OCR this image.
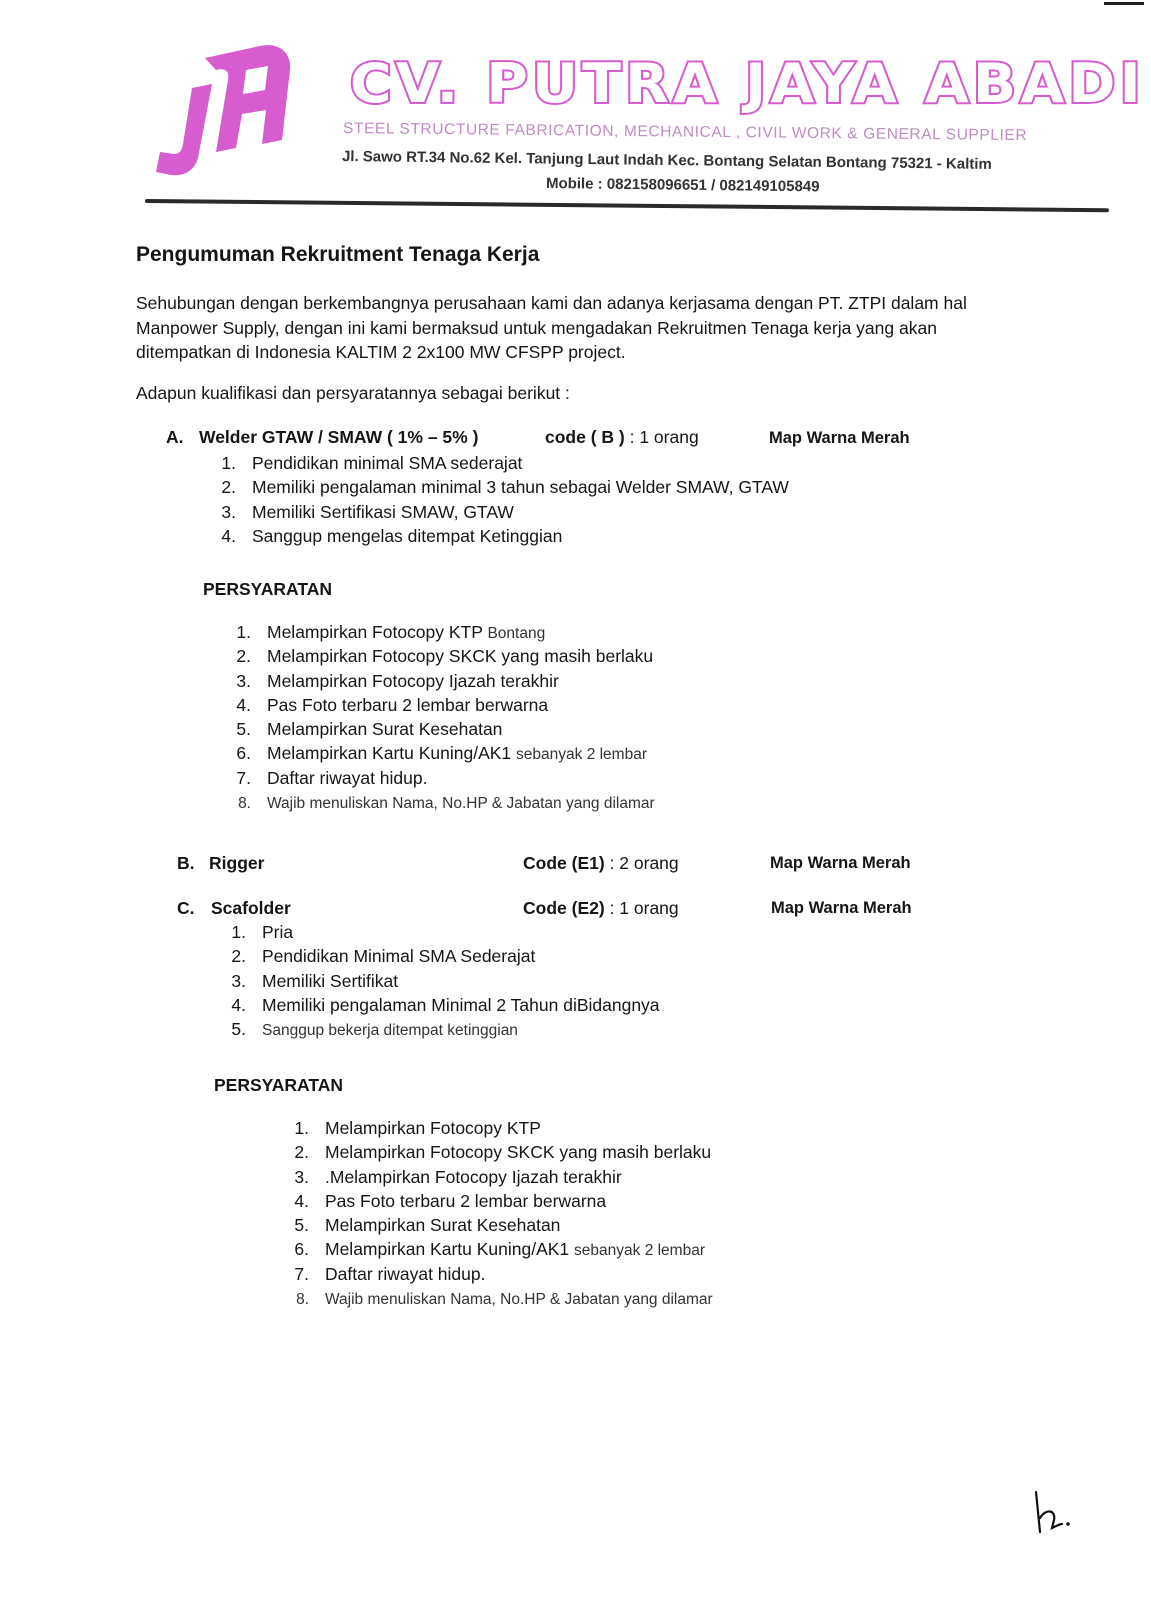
CV. PUTRA JAYA ABADI
STEEL STRUCTURE FABRICATION, MECHANICAL , CIVIL WORK & GENERAL SUPPLIER
Jl. Sawo RT.34 No.62 Kel. Tanjung Laut Indah Kec. Bontang Selatan Bontang 75321 - Kaltim
Mobile : 082158096651 / 082149105849
Pengumuman Rekruitment Tenaga Kerja
Sehubungan dengan berkembangnya perusahaan kami dan adanya kerjasama dengan PT. ZTPI dalam hal
Manpower Supply, dengan ini kami bermaksud untuk mengadakan Rekruitmen Tenaga kerja yang akan
ditempatkan di Indonesia KALTIM 2 2x100 MW CFSPP project.
Adapun kualifikasi dan persyaratannya sebagai berikut :
A. Welder GTAW / SMAW ( 1% – 5% )	code ( B ) : 1 orang	Map Warna Merah
1. Pendidikan minimal SMA sederajat
2. Memiliki pengalaman minimal 3 tahun sebagai Welder SMAW, GTAW
3. Memiliki Sertifikasi SMAW, GTAW
4. Sanggup mengelas ditempat Ketinggian
PERSYARATAN
1. Melampirkan Fotocopy KTP Bontang
2. Melampirkan Fotocopy SKCK yang masih berlaku
3. Melampirkan Fotocopy Ijazah terakhir
4. Pas Foto terbaru 2 lembar berwarna
5. Melampirkan Surat Kesehatan
6. Melampirkan Kartu Kuning/AK1 sebanyak 2 lembar
7. Daftar riwayat hidup.
8. Wajib menuliskan Nama, No.HP & Jabatan yang dilamar
B. Rigger	Code (E1) : 2 orang	Map Warna Merah
C. Scafolder	Code (E2) : 1 orang	Map Warna Merah
1. Pria
2. Pendidikan Minimal SMA Sederajat
3. Memiliki Sertifikat
4. Memiliki pengalaman Minimal 2 Tahun diBidangnya
5. Sanggup bekerja ditempat ketinggian
PERSYARATAN
1. Melampirkan Fotocopy KTP
2. Melampirkan Fotocopy SKCK yang masih berlaku
3. .Melampirkan Fotocopy Ijazah terakhir
4. Pas Foto terbaru 2 lembar berwarna
5. Melampirkan Surat Kesehatan
6. Melampirkan Kartu Kuning/AK1 sebanyak 2 lembar
7. Daftar riwayat hidup.
8. Wajib menuliskan Nama, No.HP & Jabatan yang dilamar
